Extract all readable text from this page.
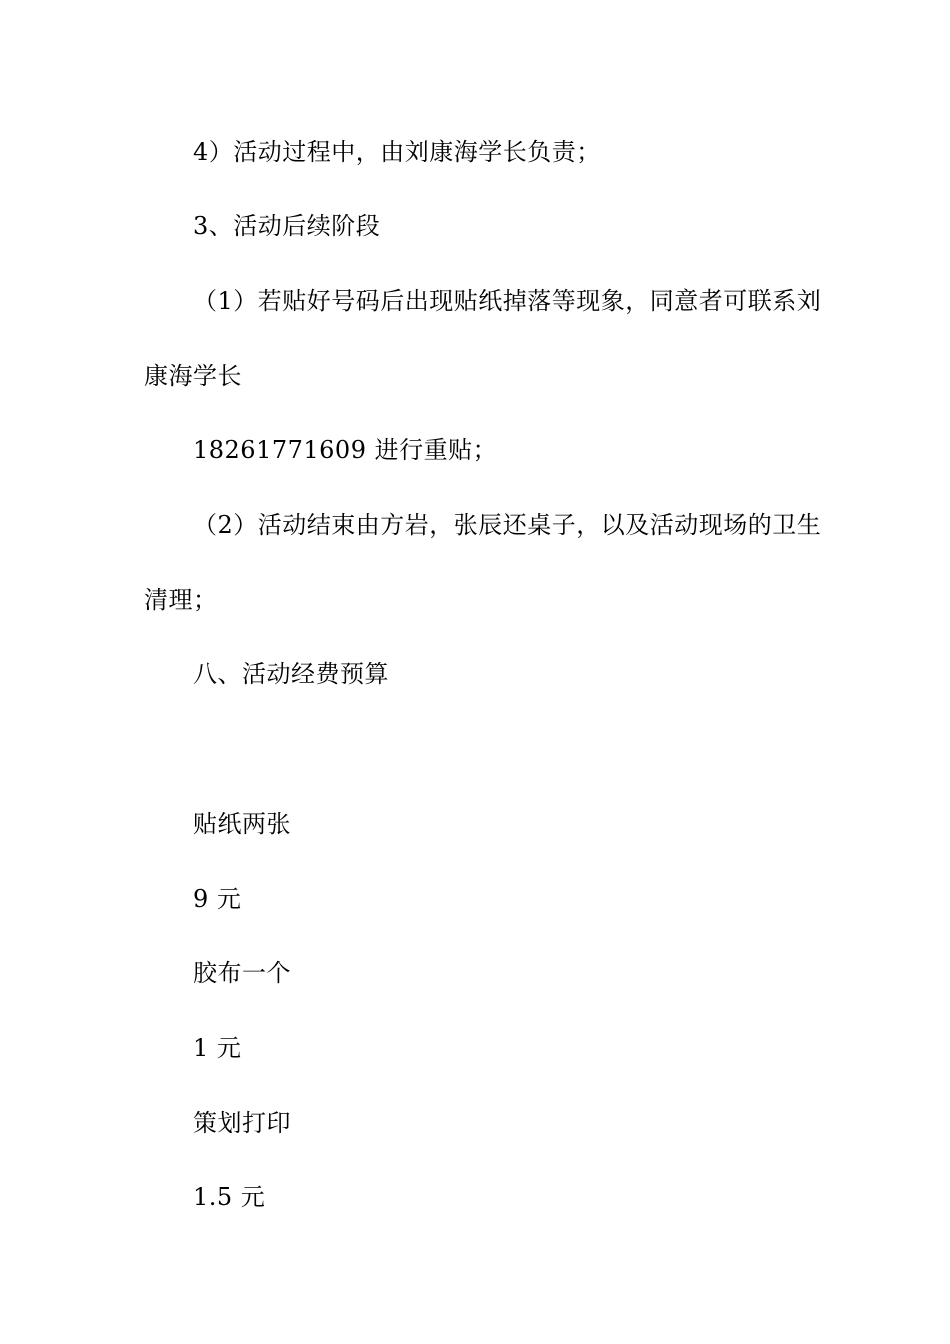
4）活动过程中，由刘康海学长负责；
3、活动后续阶段
（1）若贴好号码后出现贴纸掉落等现象，同意者可联系刘
康海学长
18261771609 进行重贴；
（2）活动结束由方岩，张辰还桌子，以及活动现场的卫生
清理；
八、活动经费预算
贴纸两张
9 元
胶布一个
1 元
策划打印
1.5 元
